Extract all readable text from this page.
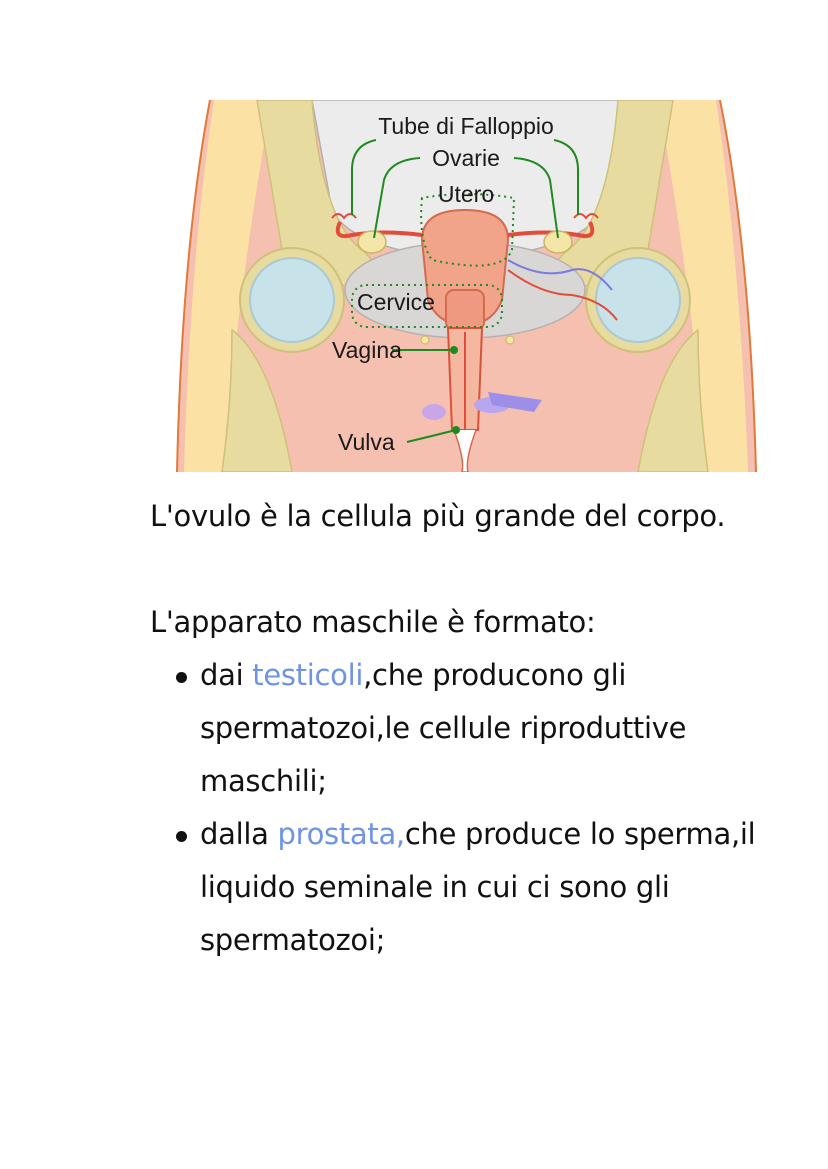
Tube di Falloppio
Ovarie
Utero
Cervice
Vagina
Vulva

L'ovulo è la cellula più grande del corpo.

L'apparato maschile è formato:

dai testicoli,che producono gli spermatozoi,le cellule riproduttive maschili;
dalla prostata,che produce lo sperma,il liquido seminale in cui ci sono gli spermatozoi;
